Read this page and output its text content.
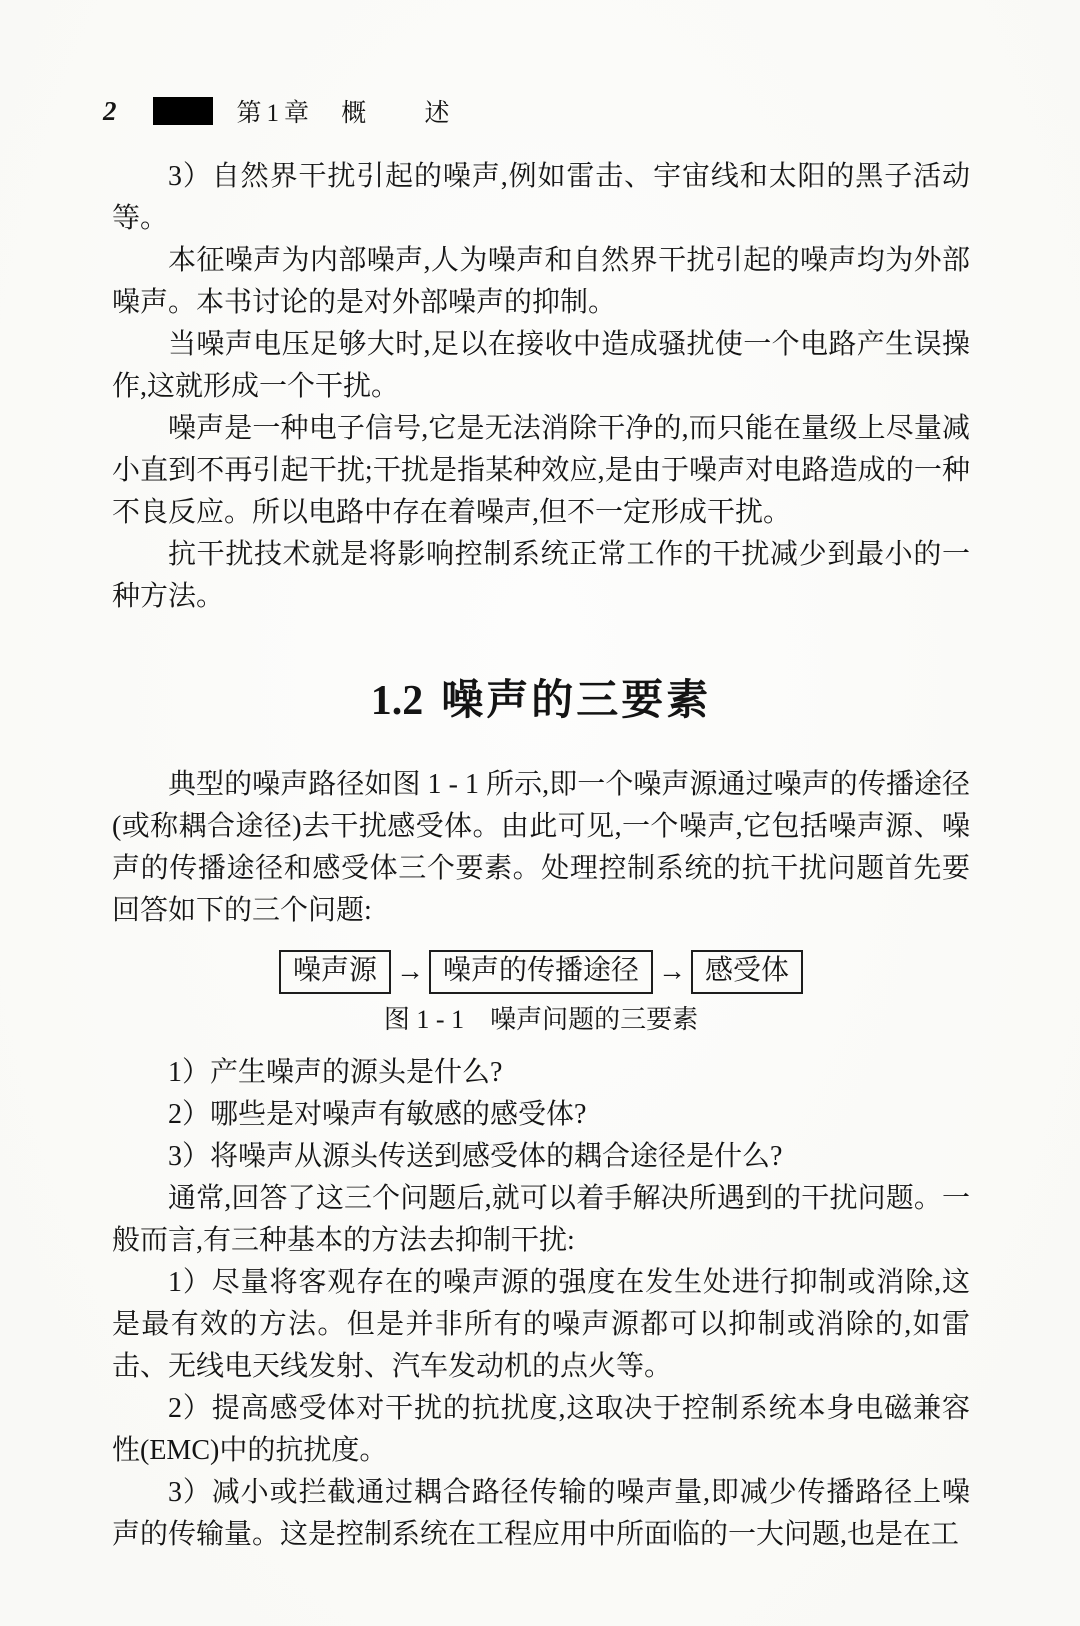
2	第1章 概 述

3）自然界干扰引起的噪声,例如雷击、宇宙线和太阳的黑子活动等。

本征噪声为内部噪声,人为噪声和自然界干扰引起的噪声均为外部噪声。本书讨论的是对外部噪声的抑制。

当噪声电压足够大时,足以在接收中造成骚扰使一个电路产生误操作,这就形成一个干扰。

噪声是一种电子信号,它是无法消除干净的,而只能在量级上尽量减小直到不再引起干扰;干扰是指某种效应,是由于噪声对电路造成的一种不良反应。所以电路中存在着噪声,但不一定形成干扰。

抗干扰技术就是将影响控制系统正常工作的干扰减少到最小的一种方法。

1.2 噪声的三要素

典型的噪声路径如图 1 - 1 所示,即一个噪声源通过噪声的传播途径(或称耦合途径)去干扰感受体。由此可见,一个噪声,它包括噪声源、噪声的传播途径和感受体三个要素。处理控制系统的抗干扰问题首先要回答如下的三个问题:

噪声源 → 噪声的传播途径 → 感受体
图 1 - 1 噪声问题的三要素

1）产生噪声的源头是什么?

2）哪些是对噪声有敏感的感受体?

3）将噪声从源头传送到感受体的耦合途径是什么?

通常,回答了这三个问题后,就可以着手解决所遇到的干扰问题。一般而言,有三种基本的方法去抑制干扰:

1）尽量将客观存在的噪声源的强度在发生处进行抑制或消除,这是最有效的方法。但是并非所有的噪声源都可以抑制或消除的,如雷击、无线电天线发射、汽车发动机的点火等。

2）提高感受体对干扰的抗扰度,这取决于控制系统本身电磁兼容性(EMC)中的抗扰度。

3）减小或拦截通过耦合路径传输的噪声量,即减少传播路径上噪声的传输量。这是控制系统在工程应用中所面临的一大问题,也是在工
